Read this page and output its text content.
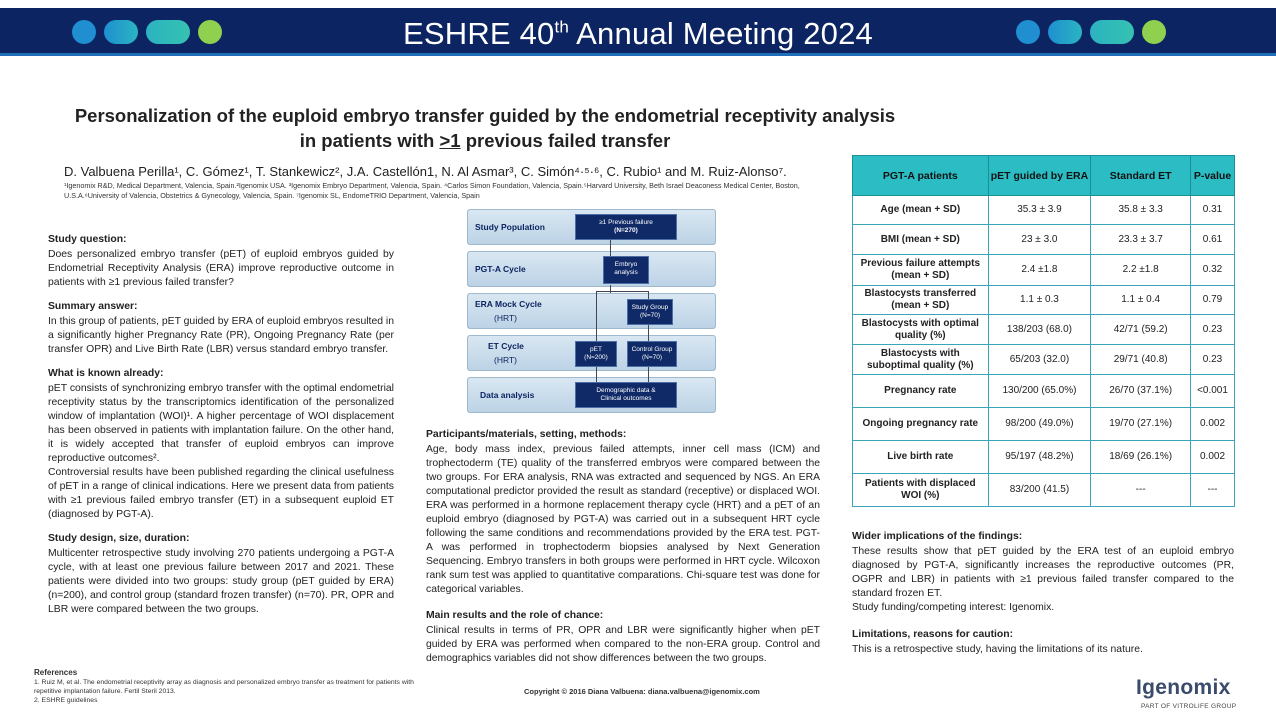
ESHRE 40th Annual Meeting 2024
Personalization of the euploid embryo transfer guided by the endometrial receptivity analysis
in patients with >1 previous failed transfer
D. Valbuena Perilla¹, C. Gómez¹, T. Stankewicz², J.A. Castellón1, N. Al Asmar³, C. Simón⁴·⁵·⁶, C. Rubio¹ and M. Ruiz-Alonso⁷.
¹Igenomix R&D, Medical Department, Valencia, Spain.²Igenomix USA. ³Igenomix Embryo Department, Valencia, Spain. ⁴Carlos Simon Foundation, Valencia, Spain.⁵Harvard University, Beth Israel Deaconess Medical Center, Boston, U.S.A.⁶University of Valencia, Obstetrics & Gynecology, Valencia, Spain. ⁷Igenomix SL, EndomeTRIO Department, Valencia, Spain
Study question:

Does personalized embryo transfer (pET) of euploid embryos guided by Endometrial Receptivity Analysis (ERA) improve reproductive outcome in patients with ≥1 previous failed transfer?

Summary answer:

In this group of patients, pET guided by ERA of euploid embryos resulted in a significantly higher Pregnancy Rate (PR), Ongoing Pregnancy Rate (per transfer OPR) and Live Birth Rate (LBR) versus standard embryo transfer.

What is known already:

pET consists of synchronizing embryo transfer with the optimal endometrial receptivity status by the transcriptomics identification of the personalized window of implantation (WOI)¹. A higher percentage of WOI displacement has been observed in patients with implantation failure. On the other hand, it is widely accepted that transfer of euploid embryos can improve reproductive outcomes².

Controversial results have been published regarding the clinical usefulness of pET in a range of clinical indications. Here we present data from patients with ≥1 previous failed embryo transfer (ET) in a subsequent euploid ET (diagnosed by PGT-A).

Study design, size, duration:

Multicenter retrospective study involving 270 patients undergoing a PGT-A cycle, with at least one previous failure between 2017 and 2021. These patients were divided into two groups: study group (pET guided by ERA) (n=200), and control group (standard frozen transfer) (n=70). PR, OPR and LBR were compared between the two groups.

References
1. Ruiz M, et al. The endometrial receptivity array as diagnosis and personalized embryo transfer as treatment for patients with repetitive implantation failure. Fertil Steril 2013.
2. ESHRE guidelines
Study Population
PGT-A Cycle
ERA Mock Cycle
(HRT)
ET Cycle
(HRT)
Data analysis
≥1 Previous failure
(N=270)
Embryo
analysis
Study Group
(N=70)
pET
(N=200)
Control Group
(N=70)
Demographic data &
Clinical outcomes
Participants/materials, setting, methods:

Age, body mass index, previous failed attempts, inner cell mass (ICM) and trophectoderm (TE) quality of the transferred embryos were compared between the two groups. For ERA analysis, RNA was extracted and sequenced by NGS. An ERA computational predictor provided the result as standard (receptive) or displaced WOI. ERA was performed in a hormone replacement therapy cycle (HRT) and a pET of an euploid embryo (diagnosed by PGT-A) was carried out in a subsequent HRT cycle following the same conditions and recommendations provided by the ERA test. PGT-A was performed in trophectoderm biopsies analysed by Next Generation Sequencing. Embryo transfers in both groups were performed in HRT cycle. Wilcoxon rank sum test was applied to quantitative comparations. Chi-square test was done for categorical variables.

Main results and the role of chance:

Clinical results in terms of PR, OPR and LBR were significantly higher when pET guided by ERA was performed when compared to the non-ERA group. Control and demographics variables did not show differences between the two groups.

Copyright © 2016 Diana Valbuena: diana.valbuena@igenomix.com
PGT-A patients	pET guided by ERA	Standard ET	P-value
Age (mean + SD)	35.3 ± 3.9	35.8 ± 3.3	0.31
BMI (mean + SD)	23 ± 3.0	23.3 ± 3.7	0.61
Previous failure attempts (mean + SD)	2.4 ±1.8	2.2 ±1.8	0.32
Blastocysts transferred (mean + SD)	1.1 ± 0.3	1.1 ± 0.4	0.79
Blastocysts with optimal quality (%)	138/203 (68.0)	42/71 (59.2)	0.23
Blastocysts with suboptimal quality (%)	65/203 (32.0)	29/71 (40.8)	0.23
Pregnancy rate	130/200 (65.0%)	26/70 (37.1%)	<0.001
Ongoing pregnancy rate	98/200 (49.0%)	19/70 (27.1%)	0.002
Live birth rate	95/197 (48.2%)	18/69 (26.1%)	0.002
Patients with displaced WOI (%)	83/200 (41.5)	---	---
Wider implications of the findings:

These results show that pET guided by the ERA test of an euploid embryo diagnosed by PGT-A, significantly increases the reproductive outcomes (PR, OGPR and LBR) in patients with ≥1 previous failed transfer compared to the standard frozen ET.

Study funding/competing interest: Igenomix.

Limitations, reasons for caution:

This is a retrospective study, having the limitations of its nature.

Igenomix
PART OF VITROLIFE GROUP
